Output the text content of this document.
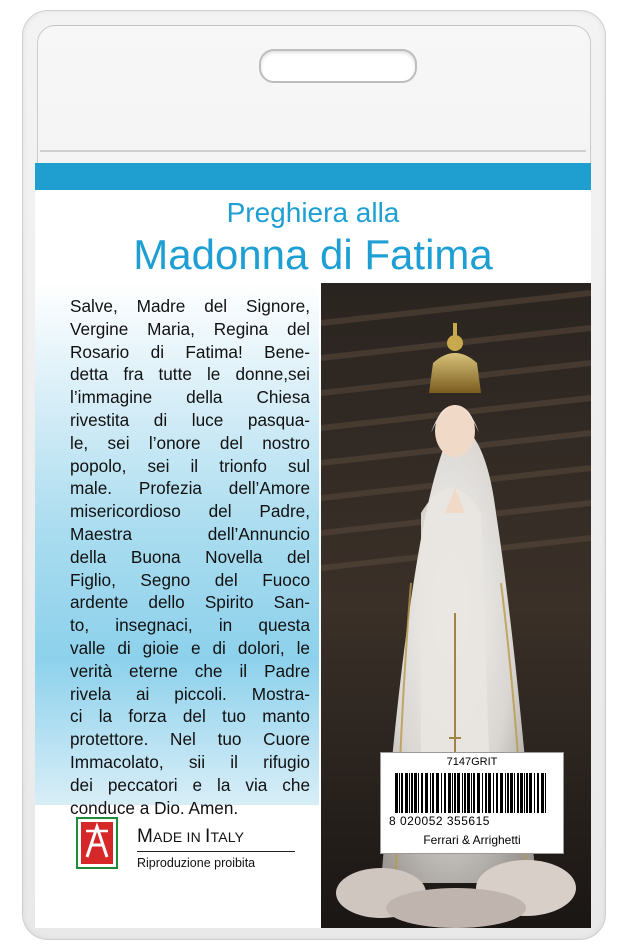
Preghiera alla
Madonna di Fatima
Salve, Madre del Signore,
Vergine Maria, Regina del
Rosario di Fatima! Bene-
detta fra tutte le donne,sei
l’immagine della Chiesa
rivestita di luce pasqua-
le, sei l’onore del nostro
popolo, sei il trionfo sul
male. Profezia dell’Amore
misericordioso del Padre,
Maestra dell’Annuncio
della Buona Novella del
Figlio, Segno del Fuoco
ardente dello Spirito San-
to, insegnaci, in questa
valle di gioie e di dolori, le
verità eterne che il Padre
rivela ai piccoli. Mostra-
ci la forza del tuo manto
protettore. Nel tuo Cuore
Immacolato, sii il rifugio
dei peccatori e la via che
conduce a Dio. Amen.
7147GRIT
8 020052 355615
Ferrari & Arrighetti
MADE IN ITALY
Riproduzione proibita
